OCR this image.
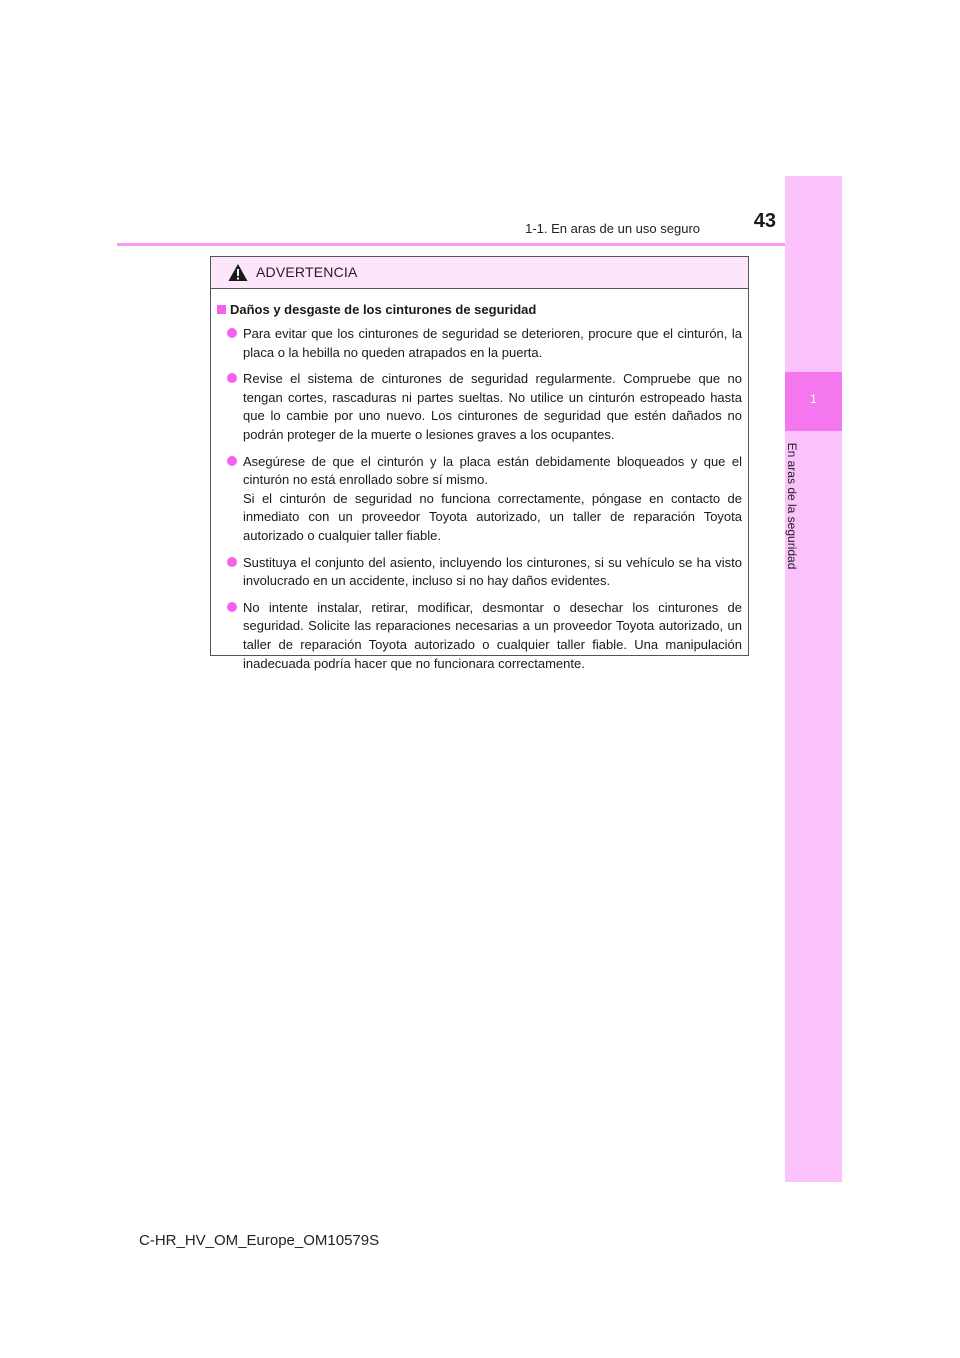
1-1. En aras de un uso seguro	43
1
En aras de la seguridad
ADVERTENCIA
Daños y desgaste de los cinturones de seguridad
Para evitar que los cinturones de seguridad se deterioren, procure que el cinturón, la placa o la hebilla no queden atrapados en la puerta.
Revise el sistema de cinturones de seguridad regularmente. Compruebe que no tengan cortes, rascaduras ni partes sueltas. No utilice un cinturón estropeado hasta que lo cambie por uno nuevo. Los cinturones de seguridad que estén dañados no podrán proteger de la muerte o lesiones graves a los ocupantes.
Asegúrese de que el cinturón y la placa están debidamente bloqueados y que el cinturón no está enrollado sobre sí mismo.
Si el cinturón de seguridad no funciona correctamente, póngase en contacto de inmediato con un proveedor Toyota autorizado, un taller de reparación Toyota autorizado o cualquier taller fiable.
Sustituya el conjunto del asiento, incluyendo los cinturones, si su vehículo se ha visto involucrado en un accidente, incluso si no hay daños evidentes.
No intente instalar, retirar, modificar, desmontar o desechar los cinturones de seguridad. Solicite las reparaciones necesarias a un proveedor Toyota autorizado, un taller de reparación Toyota autorizado o cualquier taller fiable. Una manipulación inadecuada podría hacer que no funcionara correctamente.
C-HR_HV_OM_Europe_OM10579S
